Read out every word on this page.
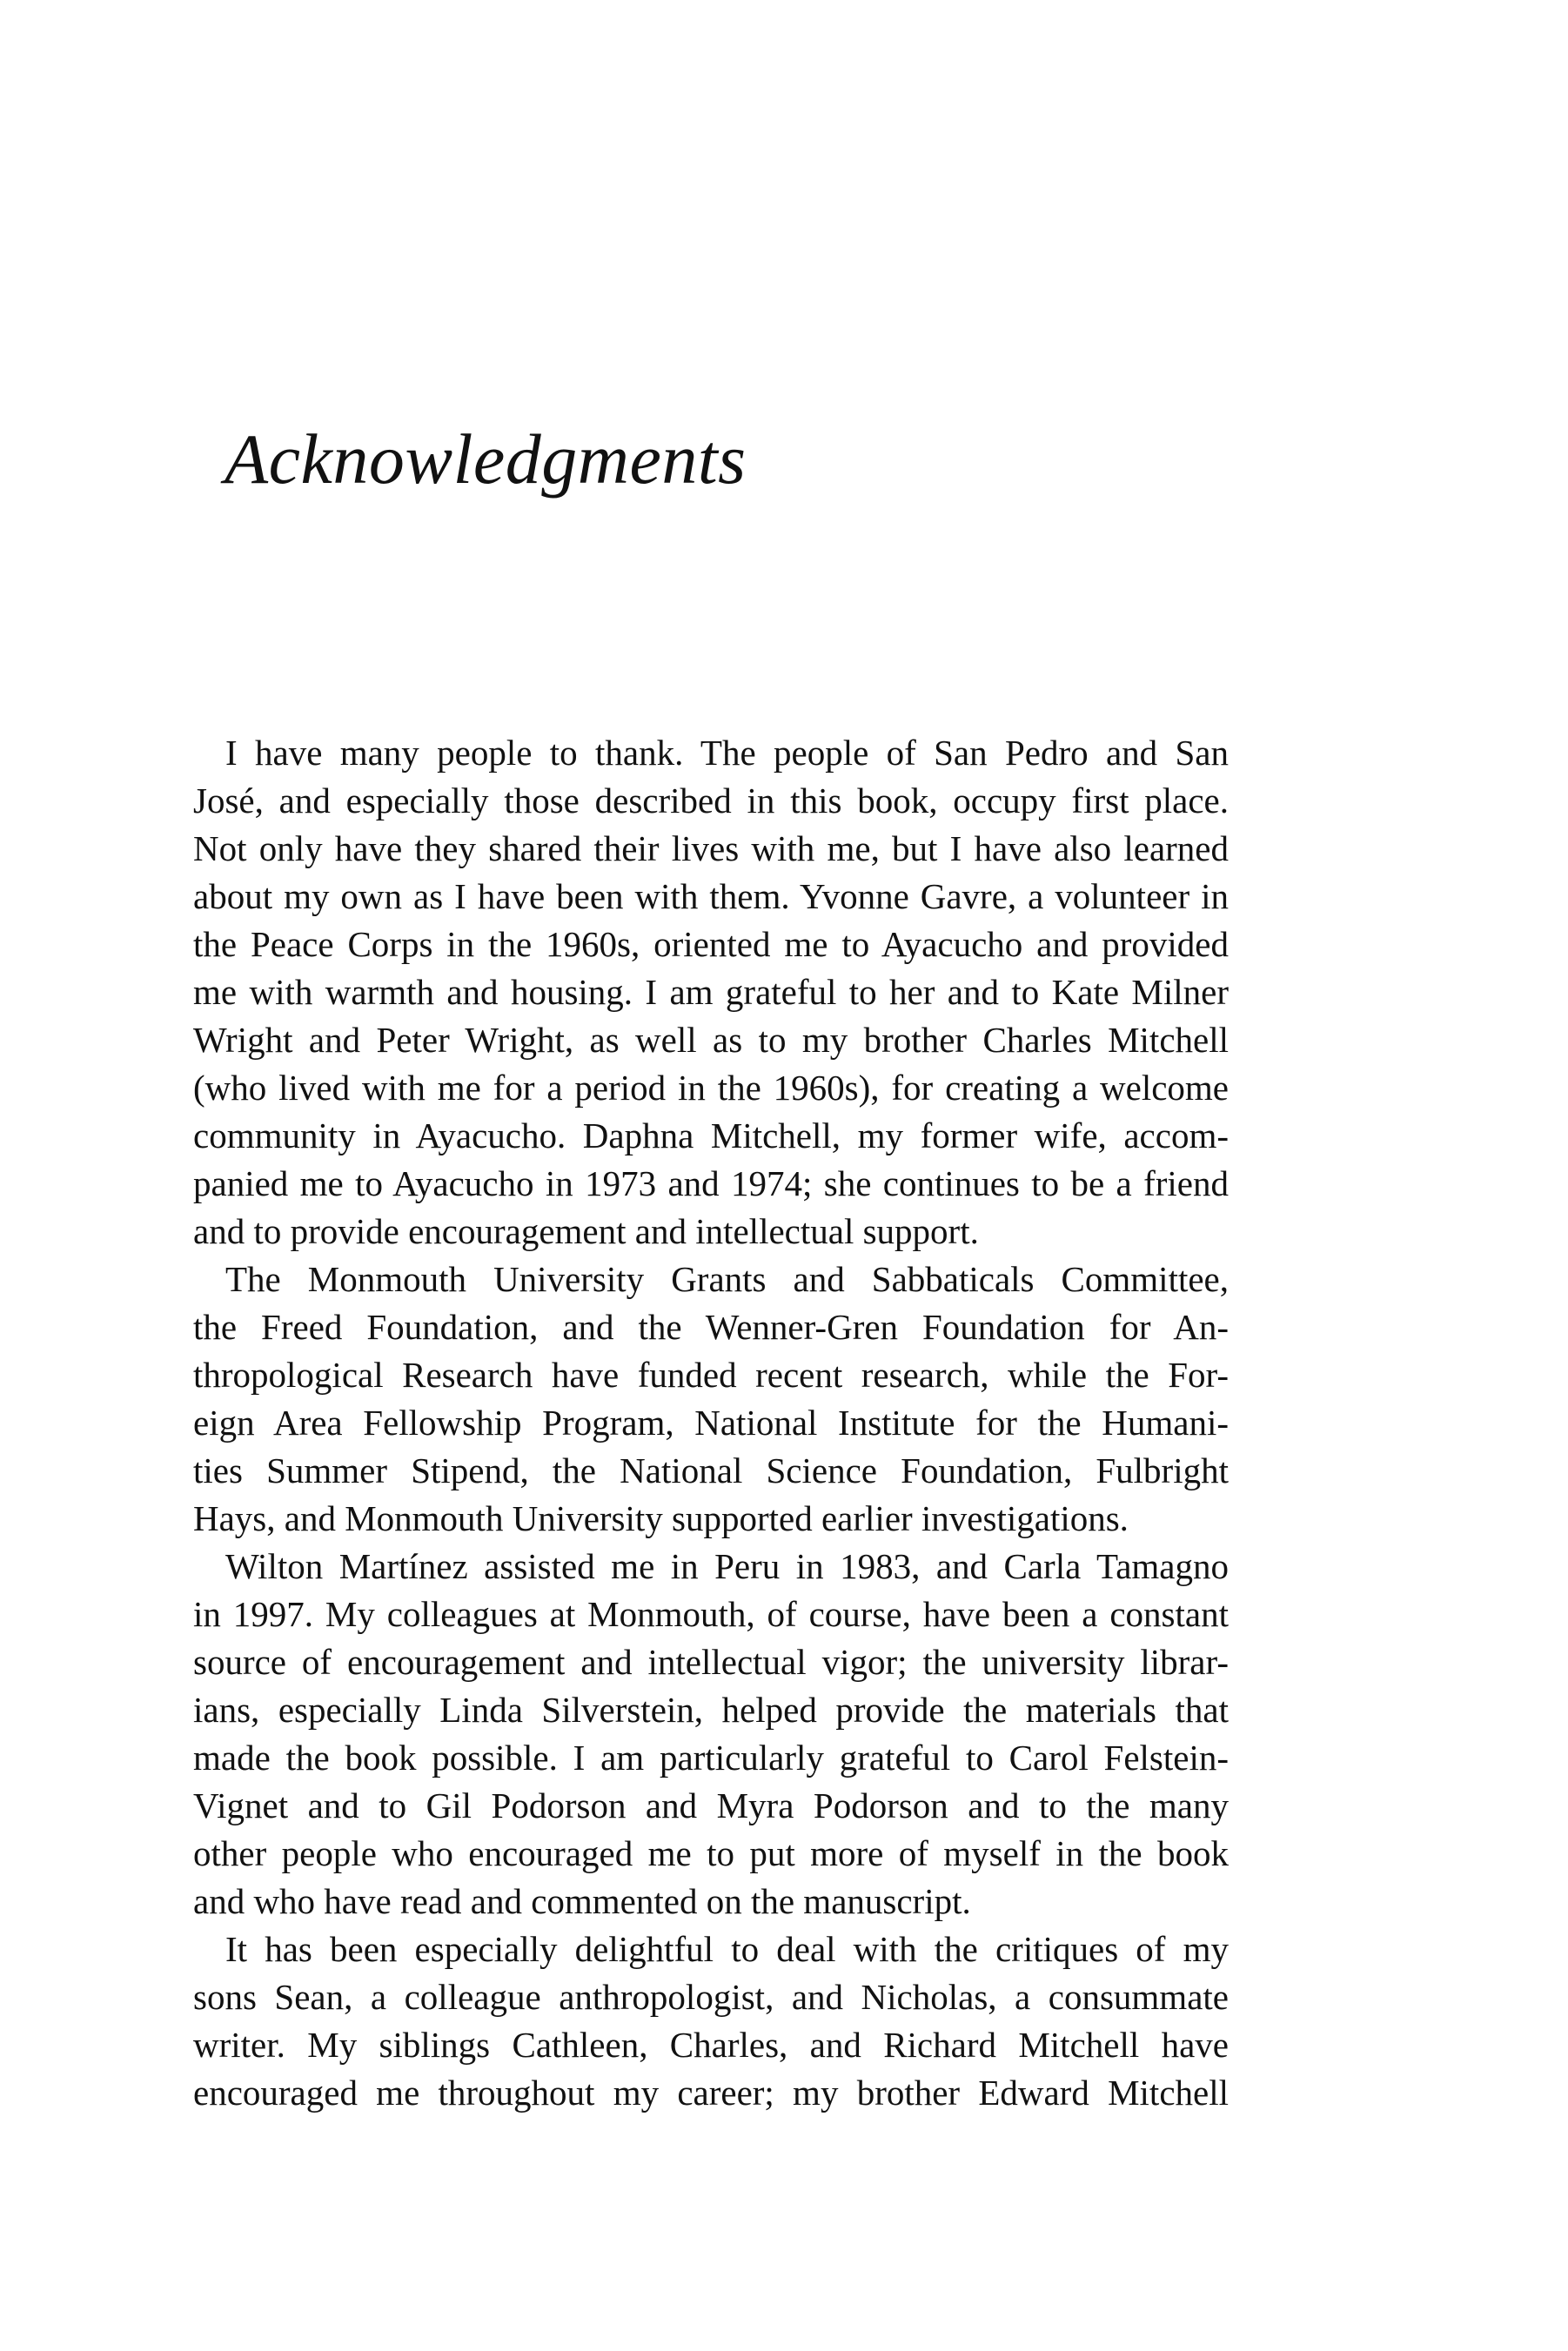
Acknowledgments
I have many people to thank. The people of San Pedro and San
José, and especially those described in this book, occupy first place.
Not only have they shared their lives with me, but I have also learned
about my own as I have been with them. Yvonne Gavre, a volunteer in
the Peace Corps in the 1960s, oriented me to Ayacucho and provided
me with warmth and housing. I am grateful to her and to Kate Milner
Wright and Peter Wright, as well as to my brother Charles Mitchell
(who lived with me for a period in the 1960s), for creating a welcome
community in Ayacucho. Daphna Mitchell, my former wife, accom-
panied me to Ayacucho in 1973 and 1974; she continues to be a friend
and to provide encouragement and intellectual support.
The Monmouth University Grants and Sabbaticals Committee,
the Freed Foundation, and the Wenner-Gren Foundation for An-
thropological Research have funded recent research, while the For-
eign Area Fellowship Program, National Institute for the Humani-
ties Summer Stipend, the National Science Foundation, Fulbright
Hays, and Monmouth University supported earlier investigations.
Wilton Martínez assisted me in Peru in 1983, and Carla Tamagno
in 1997. My colleagues at Monmouth, of course, have been a constant
source of encouragement and intellectual vigor; the university librar-
ians, especially Linda Silverstein, helped provide the materials that
made the book possible. I am particularly grateful to Carol Felstein-
Vignet and to Gil Podorson and Myra Podorson and to the many
other people who encouraged me to put more of myself in the book
and who have read and commented on the manuscript.
It has been especially delightful to deal with the critiques of my
sons Sean, a colleague anthropologist, and Nicholas, a consummate
writer. My siblings Cathleen, Charles, and Richard Mitchell have
encouraged me throughout my career; my brother Edward Mitchell
